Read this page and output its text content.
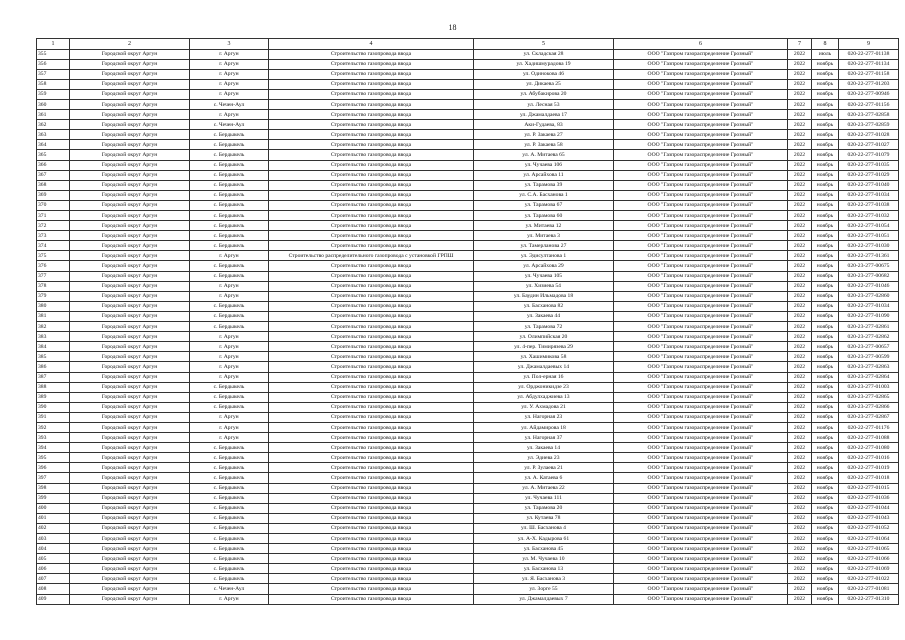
18
1	2	3	4	5	6	7	8	9
355	Городской округ Аргун	г. Аргун	Строительство газопровода ввода	ул. Складская 28	ООО "Газпром газораспределение Грозный"	2022	июль	020-22-277-01138
356	Городской округ Аргун	г. Аргун	Строительство газопровода ввода	ул. Хадишмурадова 19	ООО "Газпром газораспределение Грозный"	2022	ноябрь	020-22-277-01134
357	Городской округ Аргун	г. Аргун	Строительство газопровода ввода	ул. Одинокова 46	ООО "Газпром газораспределение Грозный"	2022	ноябрь	020-22-277-01158
358	Городской округ Аргун	г. Аргун	Строительство газопровода ввода	ул. Дикаева 25	ООО "Газпром газораспределение Грозный"	2022	ноябрь	020-22-277-01203
359	Городской округ Аргун	г. Аргун	Строительство газопровода ввода	ул. Абубакирова 20	ООО "Газпром газораспределение Грозный"	2022	ноябрь	020-22-277-00946
360	Городской округ Аргун	с. Чечен-Аул	Строительство газопровода ввода	ул. Лесная 53	ООО "Газпром газораспределение Грозный"	2022	ноябрь	020-22-277-01156
361	Городской округ Аргун	г. Аргун	Строительство газопровода ввода	ул. Джамалдаева 17	ООО "Газпром газораспределение Грозный"	2022	ноябрь	020-23-277-02858
362	Городской округ Аргун	с. Чечен-Аул	Строительство газопровода ввода	Аки-Гудаева, 83	ООО "Газпром газораспределение Грозный"	2022	ноябрь	020-23-277-02859
363	Городской округ Аргун	с. Бердыкель	Строительство газопровода ввода	ул. Р. Закаева 27	ООО "Газпром газораспределение Грозный"	2022	ноябрь	020-22-277-01028
364	Городской округ Аргун	с. Бердыкель	Строительство газопровода ввода	ул. Р. Закаева 58	ООО "Газпром газораспределение Грозный"	2022	ноябрь	020-22-277-01027
365	Городской округ Аргун	с. Бердыкель	Строительство газопровода ввода	ул. А. Митаева 65	ООО "Газпром газораспределение Грозный"	2022	ноябрь	020-22-277-01079
366	Городской округ Аргун	с. Бердыкель	Строительство газопровода ввода	ул. Чучаева 106	ООО "Газпром газораспределение Грозный"	2022	ноябрь	020-22-277-01035
367	Городской округ Аргун	с. Бердыкель	Строительство газопровода ввода	ул. Арсайхова 11	ООО "Газпром газораспределение Грозный"	2022	ноябрь	020-22-277-01029
368	Городской округ Аргун	с. Бердыкель	Строительство газопровода ввода	ул. Тарамова 39	ООО "Газпром газораспределение Грозный"	2022	ноябрь	020-22-277-01040
369	Городской округ Аргун	с. Бердыкель	Строительство газопровода ввода	ул. С.А. Басханова 1	ООО "Газпром газораспределение Грозный"	2022	ноябрь	020-22-277-01034
370	Городской округ Аргун	с. Бердыкель	Строительство газопровода ввода	ул. Тарамова 67	ООО "Газпром газораспределение Грозный"	2022	ноябрь	020-22-277-01038
371	Городской округ Аргун	с. Бердыкель	Строительство газопровода ввода	ул. Тарамова 60	ООО "Газпром газораспределение Грозный"	2022	ноябрь	020-22-277-01032
372	Городской округ Аргун	с. Бердыкель	Строительство газопровода ввода	ул. Митаева 12	ООО "Газпром газораспределение Грозный"	2022	ноябрь	020-22-277-01054
373	Городской округ Аргун	с. Бердыкель	Строительство газопровода ввода	ул. Митаева 3	ООО "Газпром газораспределение Грозный"	2022	ноябрь	020-22-277-01051
374	Городской округ Аргун	с. Бердыкель	Строительство газопровода ввода	ул. Тамерланова 27	ООО "Газпром газораспределение Грозный"	2022	ноябрь	020-22-277-01030
375	Городской округ Аргун	г. Аргун	Строительство распределительного газопровода с установкой ГРПШ	ул. Эдисултанова 1	ООО "Газпром газораспределение Грозный"	2022	ноябрь	020-22-277-01361
376	Городской округ Аргун	с. Бердыкель	Строительство газопровода ввода	ул. Арсайхова 29	ООО "Газпром газораспределение Грозный"	2022	ноябрь	020-23-277-00675
377	Городской округ Аргун	с. Бердыкель	Строительство газопровода ввода	ул. Чучаева 105	ООО "Газпром газораспределение Грозный"	2022	ноябрь	020-23-277-00682
378	Городской округ Аргун	г. Аргун	Строительство газопровода ввода	ул. Хизиева 54	ООО "Газпром газораспределение Грозный"	2022	ноябрь	020-22-277-01046
379	Городской округ Аргун	г. Аргун	Строительство газопровода ввода	ул. Баудин Ильмадова 18	ООО "Газпром газораспределение Грозный"	2022	ноябрь	020-23-277-02860
380	Городской округ Аргун	с. Бердыкель	Строительство газопровода ввода	ул. Басханова 82	ООО "Газпром газораспределение Грозный"	2022	ноябрь	020-22-277-01034
381	Городской округ Аргун	с. Бердыкель	Строительство газопровода ввода	ул. Закаева 44	ООО "Газпром газораспределение Грозный"	2022	ноябрь	020-22-277-01090
382	Городской округ Аргун	с. Бердыкель	Строительство газопровода ввода	ул. Тарамова 72	ООО "Газпром газораспределение Грозный"	2022	ноябрь	020-23-277-02861
383	Городской округ Аргун	г. Аргун	Строительство газопровода ввода	ул. Олимпийская 20	ООО "Газпром газораспределение Грозный"	2022	ноябрь	020-23-277-02862
384	Городской округ Аргун	г. Аргун	Строительство газопровода ввода	ул. 4-пер. Тимирязева 29	ООО "Газпром газораспределение Грозный"	2022	ноябрь	020-23-277-00657
385	Городской округ Аргун	г. Аргун	Строительство газопровода ввода	ул. Хашимикова 58	ООО "Газпром газораспределение Грозный"	2022	ноябрь	020-23-277-00599
386	Городской округ Аргун	г. Аргун	Строительство газопровода ввода	ул. Джамалдаевых 14	ООО "Газпром газораспределение Грозный"	2022	ноябрь	020-23-277-02863
387	Городской округ Аргун	г. Аргун	Строительство газопровода ввода	ул. Пол-ерная 16	ООО "Газпром газораспределение Грозный"	2022	ноябрь	020-23-277-02864
388	Городской округ Аргун	с. Бердыкель	Строительство газопровода ввода	ул. Орджоникидзе 23	ООО "Газпром газораспределение Грозный"	2022	ноябрь	020-23-277-01003
389	Городской округ Аргун	с. Бердыкель	Строительство газопровода ввода	ул. Абдулхаджиева 13	ООО "Газпром газораспределение Грозный"	2022	ноябрь	020-23-277-02865
390	Городской округ Аргун	с. Бердыкель	Строительство газопровода ввода	ул. У. Ахмадова 21	ООО "Газпром газораспределение Грозный"	2022	ноябрь	020-23-277-02866
391	Городской округ Аргун	г. Аргун	Строительство газопровода ввода	ул. Нагорная 23	ООО "Газпром газораспределение Грозный"	2022	ноябрь	020-23-277-02867
392	Городской округ Аргун	г. Аргун	Строительство газопровода ввода	ул. Айдамирова 18	ООО "Газпром газораспределение Грозный"	2022	ноябрь	020-22-277-01176
393	Городской округ Аргун	г. Аргун	Строительство газопровода ввода	ул. Нагорная 37	ООО "Газпром газораспределение Грозный"	2022	ноябрь	020-22-277-01088
394	Городской округ Аргун	с. Бердыкель	Строительство газопровода ввода	ул. Закаева 14	ООО "Газпром газораспределение Грозный"	2022	ноябрь	020-22-277-01080
395	Городской округ Аргун	с. Бердыкель	Строительство газопровода ввода	ул. Эдиева 23	ООО "Газпром газораспределение Грозный"	2022	ноябрь	020-22-277-01016
396	Городской округ Аргун	с. Бердыкель	Строительство газопровода ввода	ул. Р. Зулаева 21	ООО "Газпром газораспределение Грозный"	2022	ноябрь	020-22-277-01019
397	Городской округ Аргун	с. Бердыкель	Строительство газопровода ввода	ул. А. Катаева 6	ООО "Газпром газораспределение Грозный"	2022	ноябрь	020-22-277-01018
398	Городской округ Аргун	с. Бердыкель	Строительство газопровода ввода	ул. А. Митаева 22	ООО "Газпром газораспределение Грозный"	2022	ноябрь	020-22-277-01015
399	Городской округ Аргун	с. Бердыкель	Строительство газопровода ввода	ул. Чучаева 111	ООО "Газпром газораспределение Грозный"	2022	ноябрь	020-22-277-01036
400	Городской округ Аргун	с. Бердыкель	Строительство газопровода ввода	ул. Тарамова 20	ООО "Газпром газораспределение Грозный"	2022	ноябрь	020-22-277-01044
401	Городской округ Аргун	с. Бердыкель	Строительство газопровода ввода	ул. Кутаева 78	ООО "Газпром газораспределение Грозный"	2022	ноябрь	020-22-277-01043
402	Городской округ Аргун	с. Бердыкель	Строительство газопровода ввода	ул. Ш. Басханова 4	ООО "Газпром газораспределение Грозный"	2022	ноябрь	020-22-277-01052
403	Городской округ Аргун	с. Бердыкель	Строительство газопровода ввода	ул. А-Х. Кадырова 61	ООО "Газпром газораспределение Грозный"	2022	ноябрь	020-22-277-01064
404	Городской округ Аргун	с. Бердыкель	Строительство газопровода ввода	ул. Басханова 45	ООО "Газпром газораспределение Грозный"	2022	ноябрь	020-22-277-01065
405	Городской округ Аргун	с. Бердыкель	Строительство газопровода ввода	ул. М. Чучаева 10	ООО "Газпром газораспределение Грозный"	2022	ноябрь	020-22-277-01066
406	Городской округ Аргун	с. Бердыкель	Строительство газопровода ввода	ул. Басханова 13	ООО "Газпром газораспределение Грозный"	2022	ноябрь	020-22-277-01069
407	Городской округ Аргун	с. Бердыкель	Строительство газопровода ввода	ул. Я. Басханова 3	ООО "Газпром газораспределение Грозный"	2022	ноябрь	020-22-277-01022
408	Городской округ Аргун	с. Чечен-Аул	Строительство газопровода ввода	ул. Зорге 55	ООО "Газпром газораспределение Грозный"	2022	ноябрь	020-22-277-01081
409	Городской округ Аргун	г. Аргун	Строительство газопровода ввода	ул. Джамалдаевых 7	ООО "Газпром газораспределение Грозный"	2022	ноябрь	020-22-277-01310
